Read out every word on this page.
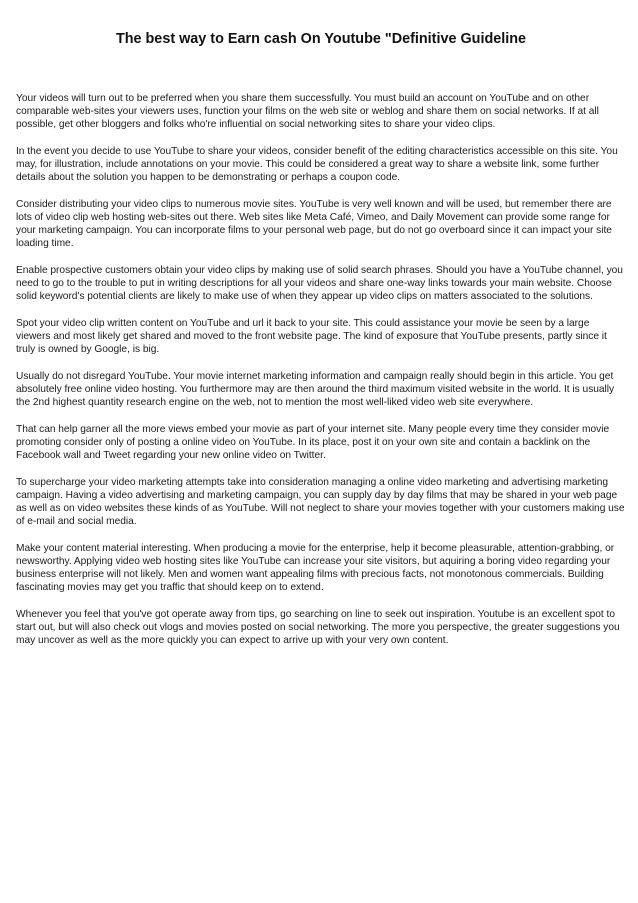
The best way to Earn cash On Youtube "Definitive Guideline

Your videos will turn out to be preferred when you share them successfully. You must build an account on YouTube and on other comparable web-sites your viewers uses, function your films on the web site or weblog and share them on social networks. If at all possible, get other bloggers and folks who're influential on social networking sites to share your video clips.

In the event you decide to use YouTube to share your videos, consider benefit of the editing characteristics accessible on this site. You may, for illustration, include annotations on your movie. This could be considered a great way to share a website link, some further details about the solution you happen to be demonstrating or perhaps a coupon code.

Consider distributing your video clips to numerous movie sites. YouTube is very well known and will be used, but remember there are lots of video clip web hosting web-sites out there. Web sites like Meta Café, Vimeo, and Daily Movement can provide some range for your marketing campaign. You can incorporate films to your personal web page, but do not go overboard since it can impact your site loading time.

Enable prospective customers obtain your video clips by making use of solid search phrases. Should you have a YouTube channel, you need to go to the trouble to put in writing descriptions for all your videos and share one-way links towards your main website. Choose solid keyword's potential clients are likely to make use of when they appear up video clips on matters associated to the solutions.

Spot your video clip written content on YouTube and url it back to your site. This could assistance your movie be seen by a large viewers and most likely get shared and moved to the front website page. The kind of exposure that YouTube presents, partly since it truly is owned by Google, is big.

Usually do not disregard YouTube. Your movie internet marketing information and campaign really should begin in this article. You get absolutely free online video hosting. You furthermore may are then around the third maximum visited website in the world. It is usually the 2nd highest quantity research engine on the web, not to mention the most well-liked video web site everywhere.

That can help garner all the more views embed your movie as part of your internet site. Many people every time they consider movie promoting consider only of posting a online video on YouTube. In its place, post it on your own site and contain a backlink on the Facebook wall and Tweet regarding your new online video on Twitter.

To supercharge your video marketing attempts take into consideration managing a online video marketing and advertising marketing campaign. Having a video advertising and marketing campaign, you can supply day by day films that may be shared in your web page as well as on video websites these kinds of as YouTube. Will not neglect to share your movies together with your customers making use of e-mail and social media.

Make your content material interesting. When producing a movie for the enterprise, help it become pleasurable, attention-grabbing, or newsworthy. Applying video web hosting sites like YouTube can increase your site visitors, but aquiring a boring video regarding your business enterprise will not likely. Men and women want appealing films with precious facts, not monotonous commercials. Building fascinating movies may get you traffic that should keep on to extend.

Whenever you feel that you've got operate away from tips, go searching on line to seek out inspiration. Youtube is an excellent spot to start out, but will also check out vlogs and movies posted on social networking. The more you perspective, the greater suggestions you may uncover as well as the more quickly you can expect to arrive up with your very own content.
